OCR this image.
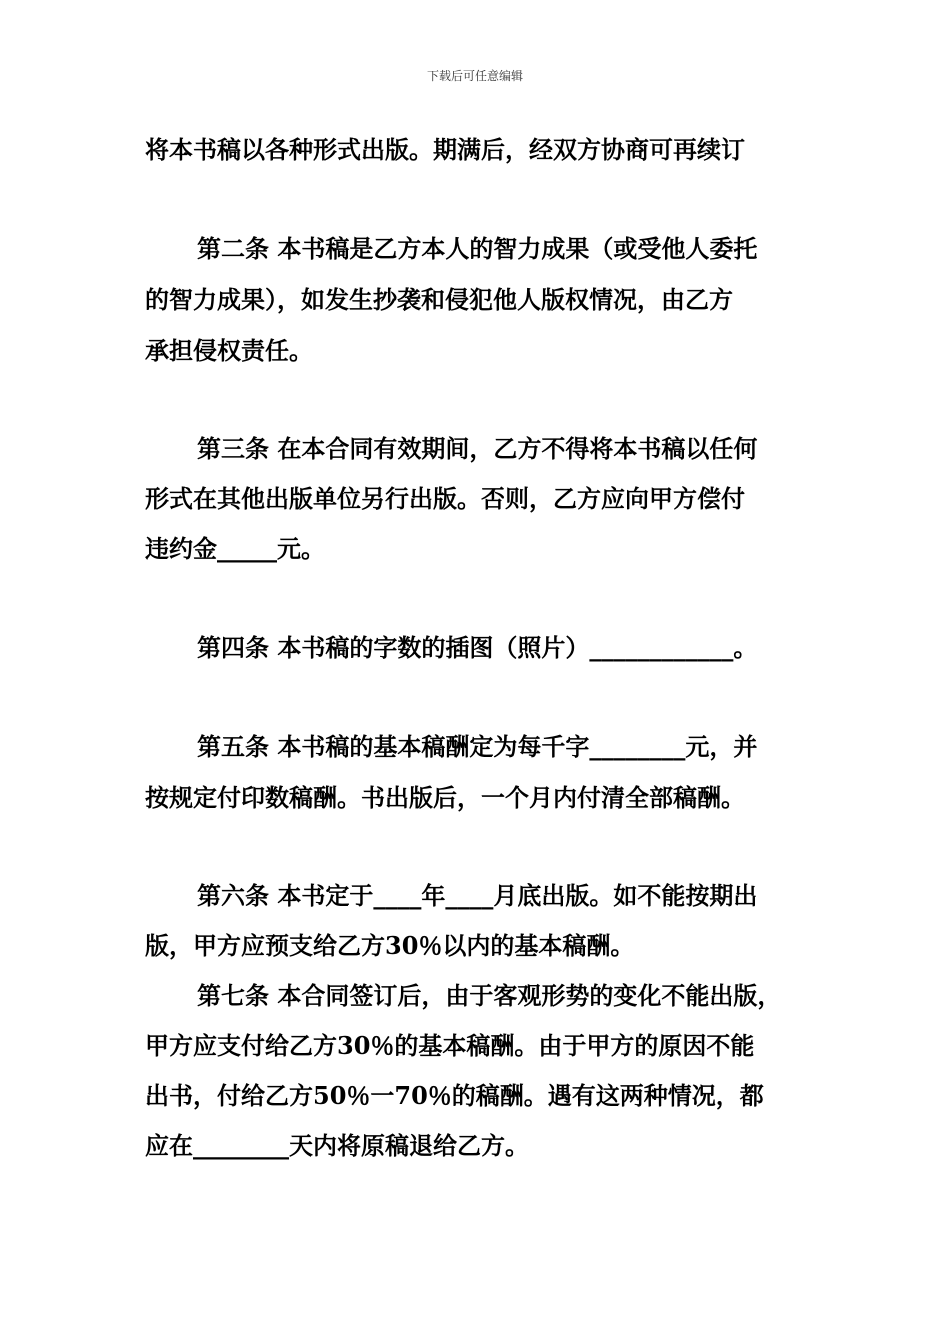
下载后可任意编辑
将本书稿以各种形式出版。期满后，经双方协商可再续订
第二条 本书稿是乙方本人的智力成果（或受他人委托
的智力成果），如发生抄袭和侵犯他人版权情况，由乙方
承担侵权责任。
第三条 在本合同有效期间，乙方不得将本书稿以任何
形式在其他出版单位另行出版。否则，乙方应向甲方偿付
违约金_____元。
第四条 本书稿的字数的插图（照片）____________。
第五条 本书稿的基本稿酬定为每千字________元，并
按规定付印数稿酬。书出版后，一个月内付清全部稿酬。
第六条 本书定于____年____月底出版。如不能按期出
版，甲方应预支给乙方30％以内的基本稿酬。
第七条 本合同签订后，由于客观形势的变化不能出版，
甲方应支付给乙方30％的基本稿酬。由于甲方的原因不能
出书，付给乙方50％一70％的稿酬。遇有这两种情况，都
应在________天内将原稿退给乙方。
